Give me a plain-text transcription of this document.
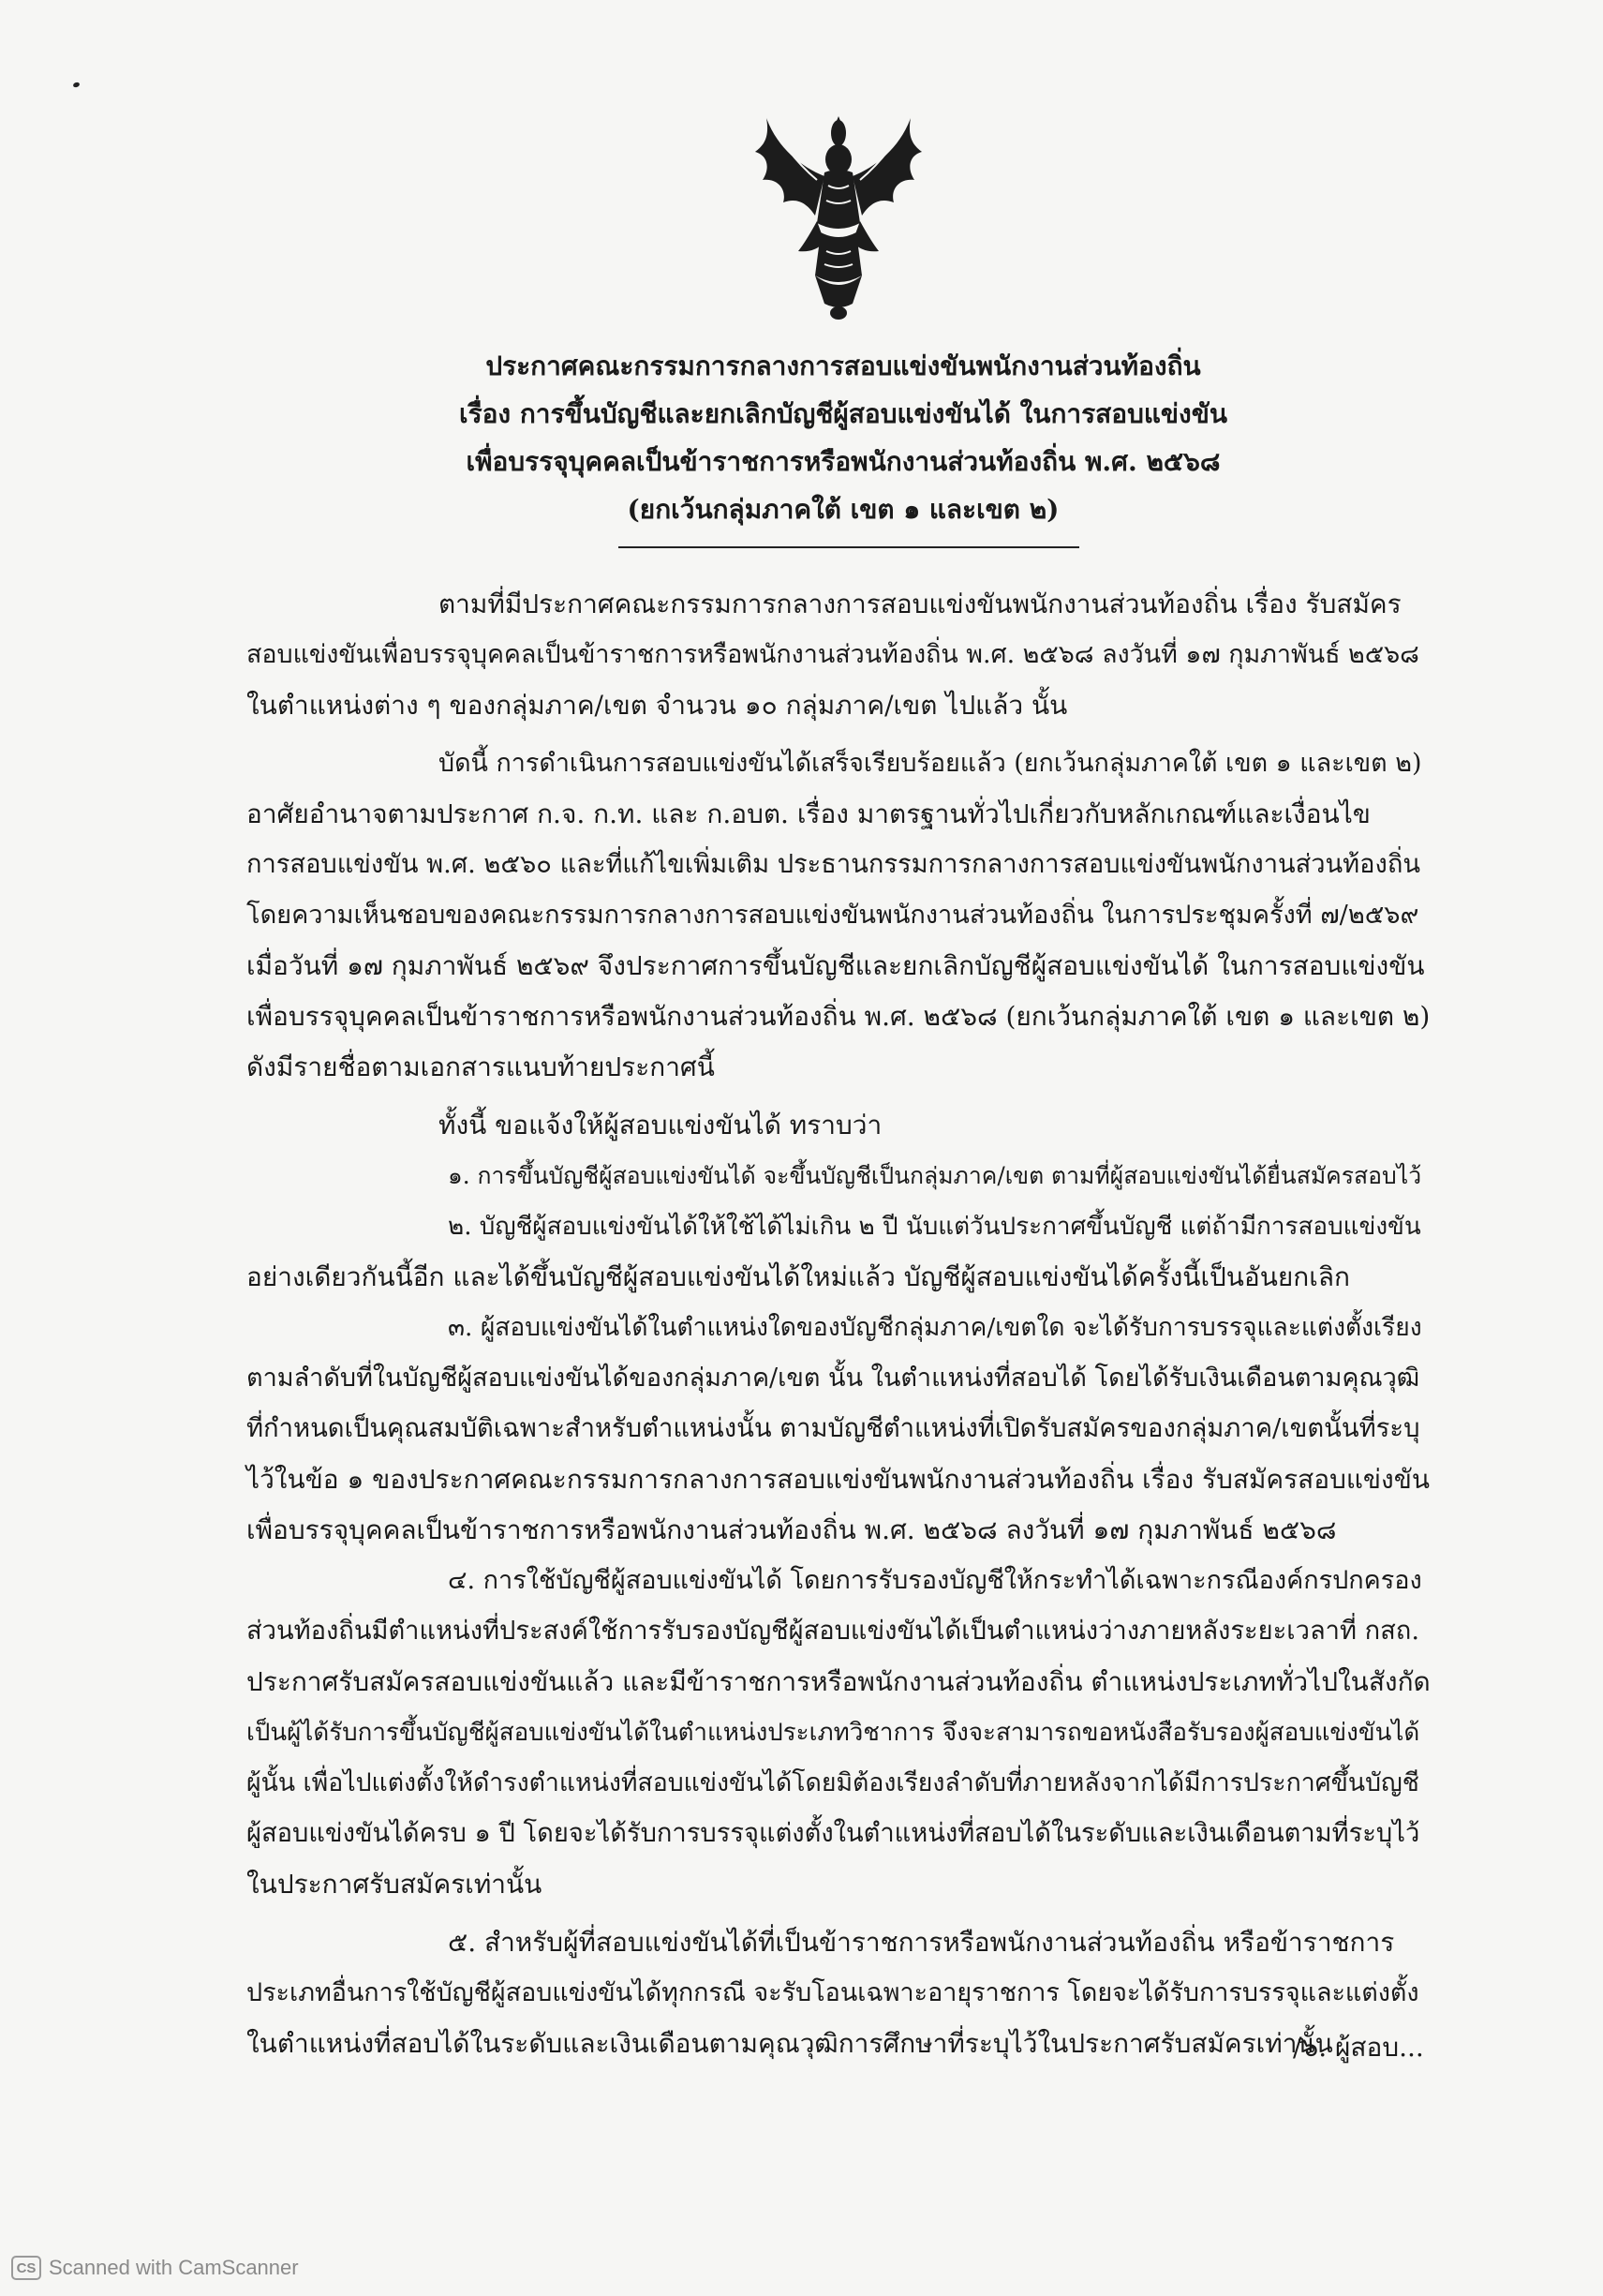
ประกาศคณะกรรมการกลางการสอบแข่งขันพนักงานส่วนท้องถิ่น
เรื่อง การขึ้นบัญชีและยกเลิกบัญชีผู้สอบแข่งขันได้ ในการสอบแข่งขัน
เพื่อบรรจุบุคคลเป็นข้าราชการหรือพนักงานส่วนท้องถิ่น พ.ศ. ๒๕๖๘
(ยกเว้นกลุ่มภาคใต้ เขต ๑ และเขต ๒)
ตามที่มีประกาศคณะกรรมการกลางการสอบแข่งขันพนักงานส่วนท้องถิ่น เรื่อง รับสมัคร
สอบแข่งขันเพื่อบรรจุบุคคลเป็นข้าราชการหรือพนักงานส่วนท้องถิ่น พ.ศ. ๒๕๖๘ ลงวันที่ ๑๗ กุมภาพันธ์ ๒๕๖๘
ในตำแหน่งต่าง ๆ ของกลุ่มภาค/เขต จำนวน ๑๐ กลุ่มภาค/เขต ไปแล้ว นั้น
บัดนี้ การดำเนินการสอบแข่งขันได้เสร็จเรียบร้อยแล้ว (ยกเว้นกลุ่มภาคใต้ เขต ๑ และเขต ๒)
อาศัยอำนาจตามประกาศ ก.จ. ก.ท. และ ก.อบต. เรื่อง มาตรฐานทั่วไปเกี่ยวกับหลักเกณฑ์และเงื่อนไข
การสอบแข่งขัน พ.ศ. ๒๕๖๐ และที่แก้ไขเพิ่มเติม ประธานกรรมการกลางการสอบแข่งขันพนักงานส่วนท้องถิ่น
โดยความเห็นชอบของคณะกรรมการกลางการสอบแข่งขันพนักงานส่วนท้องถิ่น ในการประชุมครั้งที่ ๗/๒๕๖๙
เมื่อวันที่ ๑๗ กุมภาพันธ์ ๒๕๖๙ จึงประกาศการขึ้นบัญชีและยกเลิกบัญชีผู้สอบแข่งขันได้ ในการสอบแข่งขัน
เพื่อบรรจุบุคคลเป็นข้าราชการหรือพนักงานส่วนท้องถิ่น พ.ศ. ๒๕๖๘ (ยกเว้นกลุ่มภาคใต้ เขต ๑ และเขต ๒)
ดังมีรายชื่อตามเอกสารแนบท้ายประกาศนี้
ทั้งนี้ ขอแจ้งให้ผู้สอบแข่งขันได้ ทราบว่า
๑. การขึ้นบัญชีผู้สอบแข่งขันได้ จะขึ้นบัญชีเป็นกลุ่มภาค/เขต ตามที่ผู้สอบแข่งขันได้ยื่นสมัครสอบไว้
๒. บัญชีผู้สอบแข่งขันได้ให้ใช้ได้ไม่เกิน ๒ ปี นับแต่วันประกาศขึ้นบัญชี แต่ถ้ามีการสอบแข่งขัน
อย่างเดียวกันนี้อีก และได้ขึ้นบัญชีผู้สอบแข่งขันได้ใหม่แล้ว บัญชีผู้สอบแข่งขันได้ครั้งนี้เป็นอันยกเลิก
๓. ผู้สอบแข่งขันได้ในตำแหน่งใดของบัญชีกลุ่มภาค/เขตใด จะได้รับการบรรจุและแต่งตั้งเรียง
ตามลำดับที่ในบัญชีผู้สอบแข่งขันได้ของกลุ่มภาค/เขต นั้น ในตำแหน่งที่สอบได้ โดยได้รับเงินเดือนตามคุณวุฒิ
ที่กำหนดเป็นคุณสมบัติเฉพาะสำหรับตำแหน่งนั้น ตามบัญชีตำแหน่งที่เปิดรับสมัครของกลุ่มภาค/เขตนั้นที่ระบุ
ไว้ในข้อ ๑ ของประกาศคณะกรรมการกลางการสอบแข่งขันพนักงานส่วนท้องถิ่น เรื่อง รับสมัครสอบแข่งขัน
เพื่อบรรจุบุคคลเป็นข้าราชการหรือพนักงานส่วนท้องถิ่น พ.ศ. ๒๕๖๘ ลงวันที่ ๑๗ กุมภาพันธ์ ๒๕๖๘
๔. การใช้บัญชีผู้สอบแข่งขันได้ โดยการรับรองบัญชีให้กระทำได้เฉพาะกรณีองค์กรปกครอง
ส่วนท้องถิ่นมีตำแหน่งที่ประสงค์ใช้การรับรองบัญชีผู้สอบแข่งขันได้เป็นตำแหน่งว่างภายหลังระยะเวลาที่ กสถ.
ประกาศรับสมัครสอบแข่งขันแล้ว และมีข้าราชการหรือพนักงานส่วนท้องถิ่น ตำแหน่งประเภททั่วไปในสังกัด
เป็นผู้ได้รับการขึ้นบัญชีผู้สอบแข่งขันได้ในตำแหน่งประเภทวิชาการ จึงจะสามารถขอหนังสือรับรองผู้สอบแข่งขันได้
ผู้นั้น เพื่อไปแต่งตั้งให้ดำรงตำแหน่งที่สอบแข่งขันได้โดยมิต้องเรียงลำดับที่ภายหลังจากได้มีการประกาศขึ้นบัญชี
ผู้สอบแข่งขันได้ครบ ๑ ปี โดยจะได้รับการบรรจุแต่งตั้งในตำแหน่งที่สอบได้ในระดับและเงินเดือนตามที่ระบุไว้
ในประกาศรับสมัครเท่านั้น
๕. สำหรับผู้ที่สอบแข่งขันได้ที่เป็นข้าราชการหรือพนักงานส่วนท้องถิ่น หรือข้าราชการ
ประเภทอื่นการใช้บัญชีผู้สอบแข่งขันได้ทุกกรณี จะรับโอนเฉพาะอายุราชการ โดยจะได้รับการบรรจุและแต่งตั้ง
ในตำแหน่งที่สอบได้ในระดับและเงินเดือนตามคุณวุฒิการศึกษาที่ระบุไว้ในประกาศรับสมัครเท่านั้น
/๖. ผู้สอบ...
CS Scanned with CamScanner
